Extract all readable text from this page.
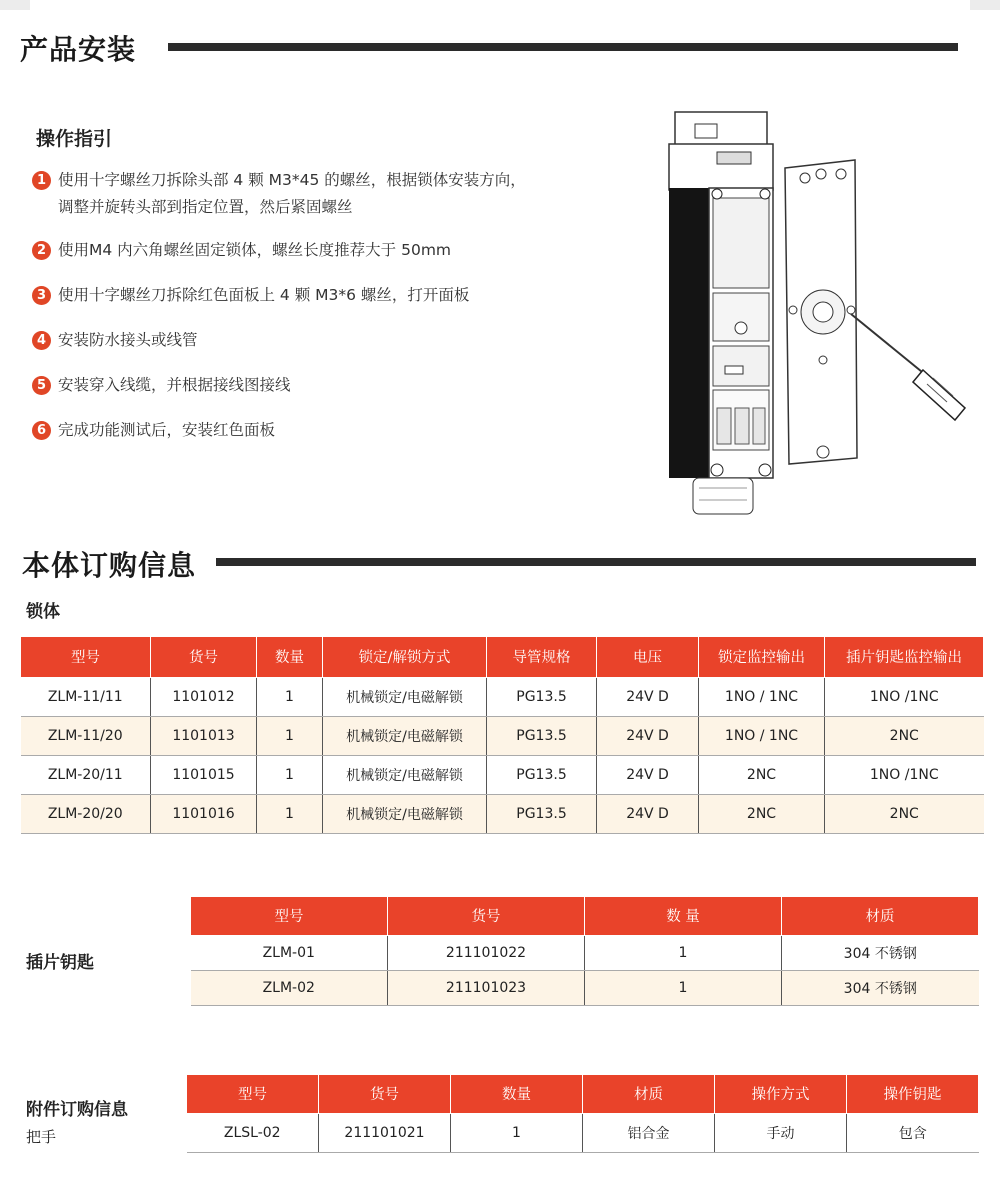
产品安装
操作指引
1 使用十字螺丝刀拆除头部 4 颗 M3*45 的螺丝，根据锁体安装方向，
调整并旋转头部到指定位置，然后紧固螺丝
2 使用M4 内六角螺丝固定锁体，螺丝长度推荐大于 50mm
3 使用十字螺丝刀拆除红色面板上 4 颗 M3*6 螺丝，打开面板
4 安装防水接头或线管
5 安装穿入线缆，并根据接线图接线
6 完成功能测试后，安装红色面板
本体订购信息
锁体
型号	货号	数量	锁定/解锁方式	导管规格	电压	锁定监控输出	插片钥匙监控输出
ZLM-11/11	1101012	1	机械锁定/电磁解锁	PG13.5	24V D	1NO / 1NC	1NO /1NC
ZLM-11/20	1101013	1	机械锁定/电磁解锁	PG13.5	24V D	1NO / 1NC	2NC
ZLM-20/11	1101015	1	机械锁定/电磁解锁	PG13.5	24V D	2NC	1NO /1NC
ZLM-20/20	1101016	1	机械锁定/电磁解锁	PG13.5	24V D	2NC	2NC
插片钥匙
型号	货号	数 量	材质
ZLM-01	211101022	1	304 不锈钢
ZLM-02	211101023	1	304 不锈钢
附件订购信息
把手
型号	货号	数量	材质	操作方式	操作钥匙
ZLSL-02	211101021	1	铝合金	手动	包含
